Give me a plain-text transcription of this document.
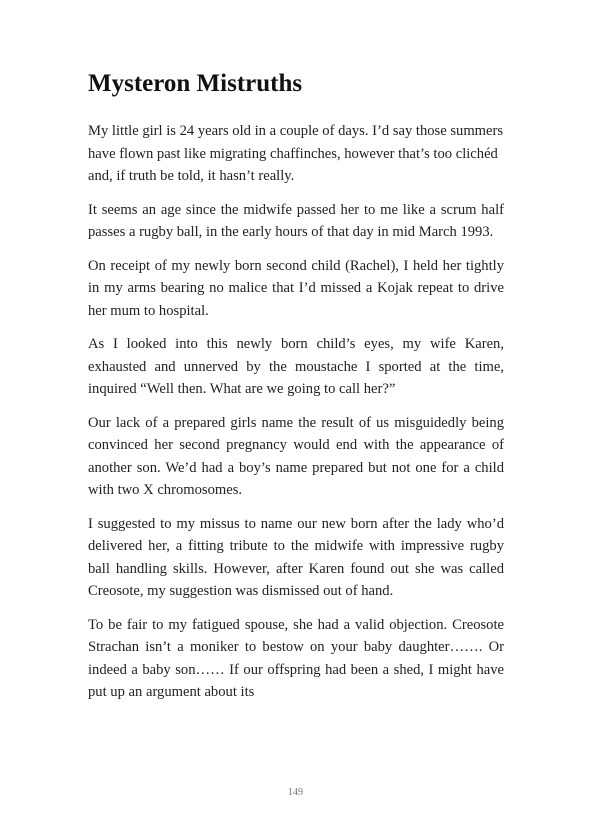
Mysteron Mistruths

My little girl is 24 years old in a couple of days. I’d say those summers have flown past like migrating chaffinches, however that’s too clichéd and, if truth be told, it hasn’t really.

It seems an age since the midwife passed her to me like a scrum half passes a rugby ball, in the early hours of that day in mid March 1993.

On receipt of my newly born second child (Rachel), I held her tightly in my arms bearing no malice that I’d missed a Kojak repeat to drive her mum to hospital.

As I looked into this newly born child’s eyes, my wife Karen, exhausted and unnerved by the moustache I sported at the time, inquired “Well then. What are we going to call her?”

Our lack of a prepared girls name the result of us misguidedly being convinced her second pregnancy would end with the appearance of another son. We’d had a boy’s name prepared but not one for a child with two X chromosomes.

I suggested to my missus to name our new born after the lady who’d delivered her, a fitting tribute to the midwife with impressive rugby ball handling skills. However, after Karen found out she was called Creosote, my suggestion was dismissed out of hand.

To be fair to my fatigued spouse, she had a valid objection. Creosote Strachan isn’t a moniker to bestow on your baby daughter……. Or indeed a baby son…… If our offspring had been a shed, I might have put up an argument about its

149
